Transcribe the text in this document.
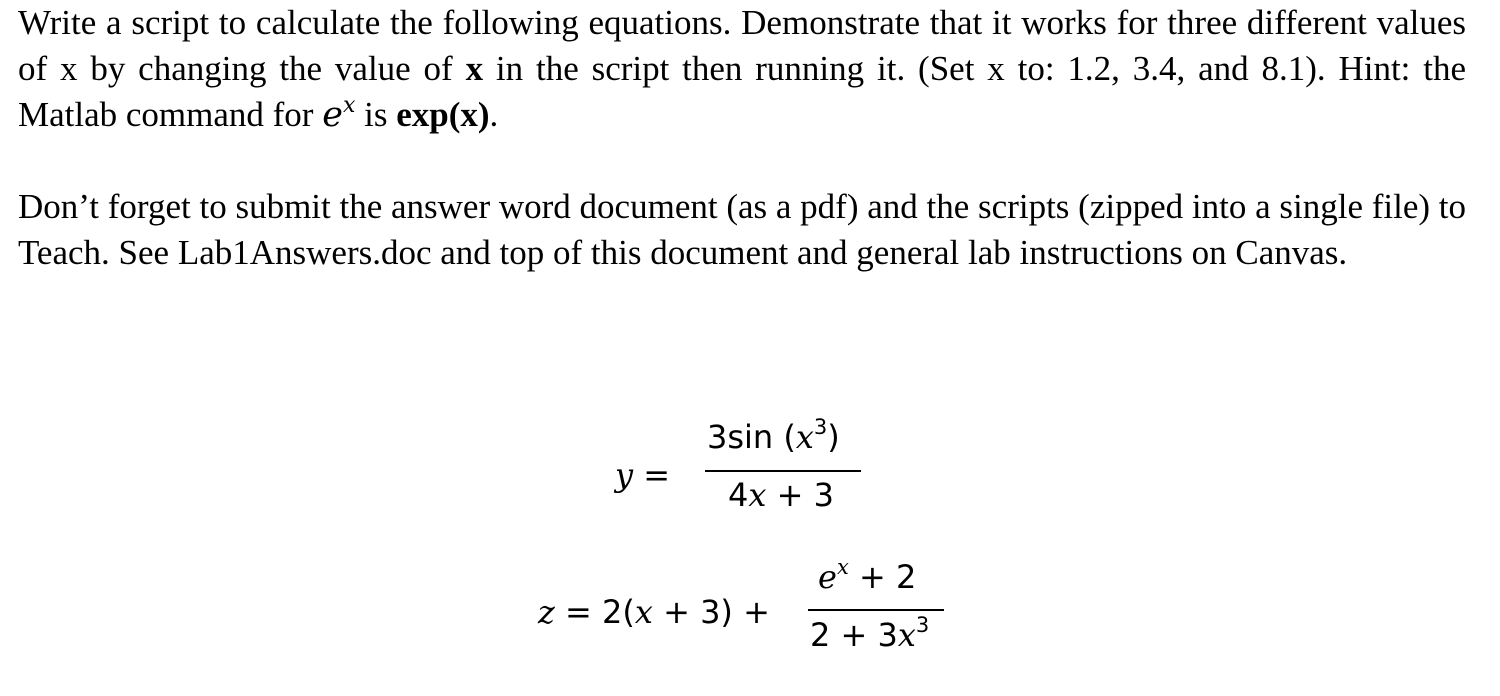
Write a script to calculate the following equations. Demonstrate that it works for three different values of x by changing the value of x in the script then running it. (Set x to: 1.2, 3.4, and 8.1). Hint: the Matlab command for $e^x$ is exp(x).
Don’t forget to submit the answer word document (as a pdf) and the scripts (zipped into a single file) to Teach. See Lab1Answers.doc and top of this document and general lab instructions on Canvas.
y =
3sin $(x^3)$
4x + 3
z = 2(x + 3) +
$e^x + 2$
$2 + 3x^3$
